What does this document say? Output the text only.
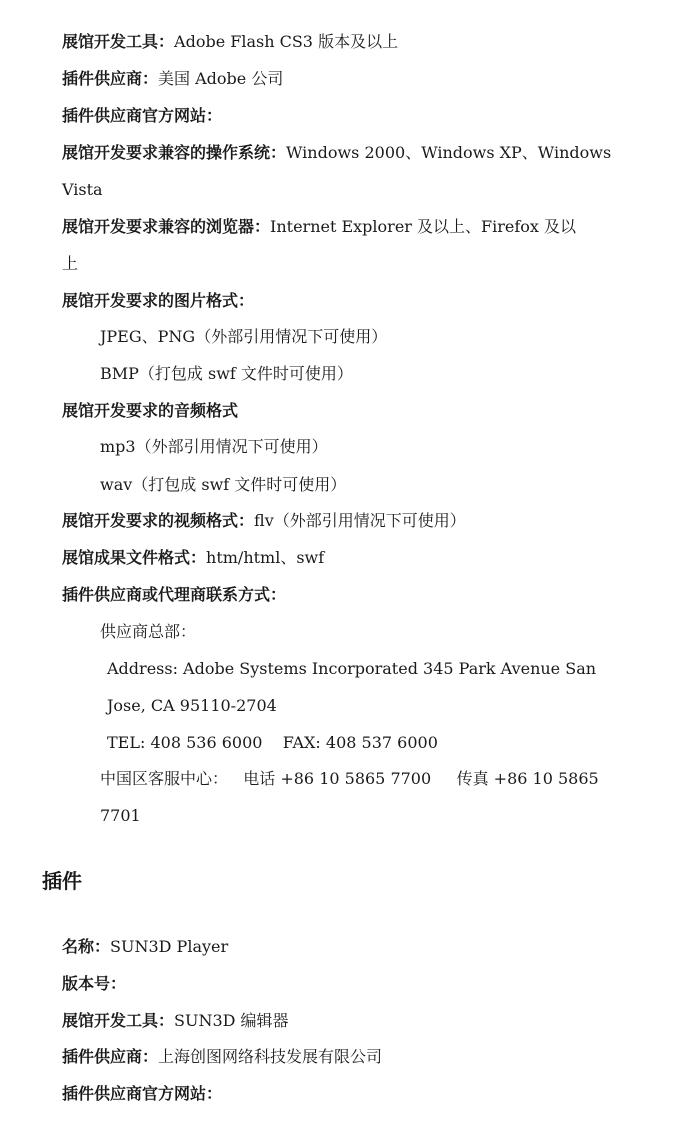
展馆开发工具：Adobe Flash CS3 版本及以上
插件供应商：美国 Adobe 公司
插件供应商官方网站：
展馆开发要求兼容的操作系统：Windows 2000、Windows XP、Windows
Vista
展馆开发要求兼容的浏览器：Internet Explorer 及以上、Firefox 及以
上
展馆开发要求的图片格式：
JPEG、PNG（外部引用情况下可使用）
BMP（打包成 swf 文件时可使用）
展馆开发要求的音频格式
mp3（外部引用情况下可使用）
wav（打包成 swf 文件时可使用）
展馆开发要求的视频格式：flv（外部引用情况下可使用）
展馆成果文件格式：htm/html、swf
插件供应商或代理商联系方式：
供应商总部：
Address: Adobe Systems Incorporated 345 Park Avenue San
Jose, CA 95110-2704
TEL: 408 536 6000    FAX: 408 537 6000
中国区客服中心：   电话 +86 10 5865 7700     传真 +86 10 5865
7701
插件
名称：SUN3D Player
版本号：
展馆开发工具：SUN3D 编辑器
插件供应商：上海创图网络科技发展有限公司
插件供应商官方网站：
